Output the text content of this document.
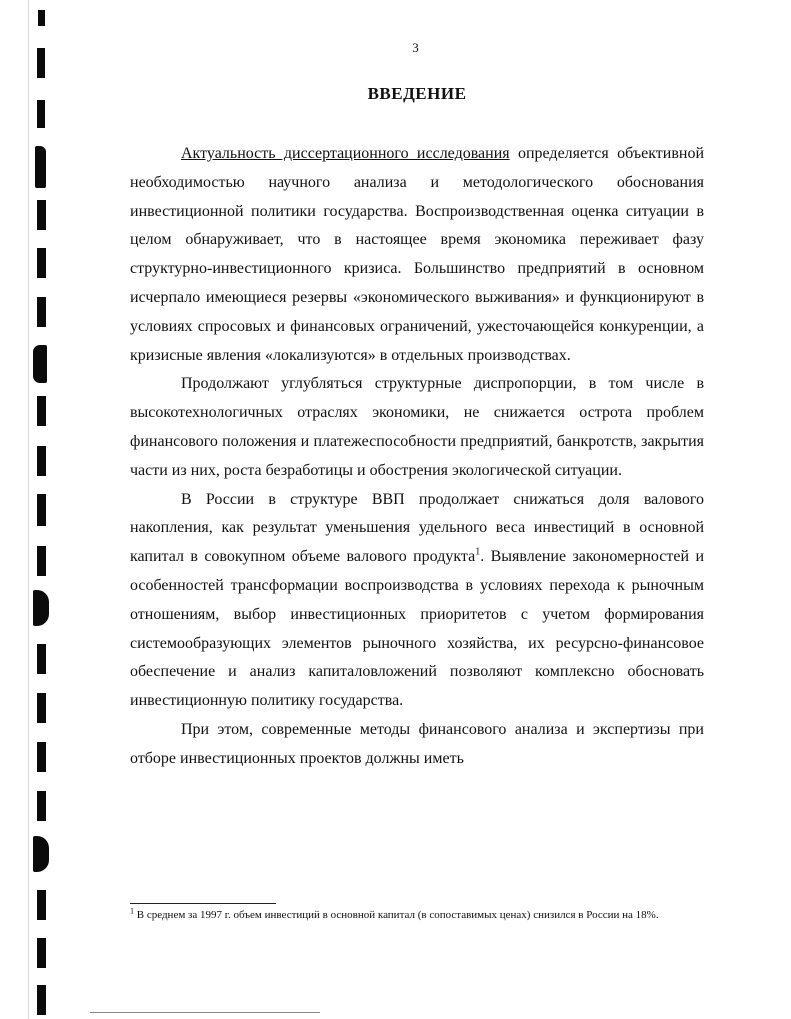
3
ВВЕДЕНИЕ

Актуальность диссертационного исследования определяется объективной необходимостью научного анализа и методологического обоснования инвестиционной политики государства. Воспроизводственная оценка ситуации в целом обнаруживает, что в настоящее время экономика переживает фазу структурно-инвестиционного кризиса. Большинство предприятий в основном исчерпало имеющиеся резервы «экономического выживания» и функционируют в условиях спросовых и финансовых ограничений, ужесточающейся конкуренции, а кризисные явления «локализуются» в отдельных производствах.

Продолжают углубляться структурные диспропорции, в том числе в высокотехнологичных отраслях экономики, не снижается острота проблем финансового положения и платежеспособности предприятий, банкротств, закрытия части из них, роста безработицы и обострения экологической ситуации.

В России в структуре ВВП продолжает снижаться доля валового накопления, как результат уменьшения удельного веса инвестиций в основной капитал в совокупном объеме валового продукта$^1$. Выявление закономерностей и особенностей трансформации воспроизводства в условиях перехода к рыночным отношениям, выбор инвестиционных приоритетов с учетом формирования системообразующих элементов рыночного хозяйства, их ресурсно-финансовое обеспечение и анализ капиталовложений позволяют комплексно обосновать инвестиционную политику государства.

При этом, современные методы финансового анализа и экспертизы при отборе инвестиционных проектов должны иметь

$^1$ В среднем за 1997 г. объем инвестиций в основной капитал (в сопоставимых ценах) снизился в России на 18%.
